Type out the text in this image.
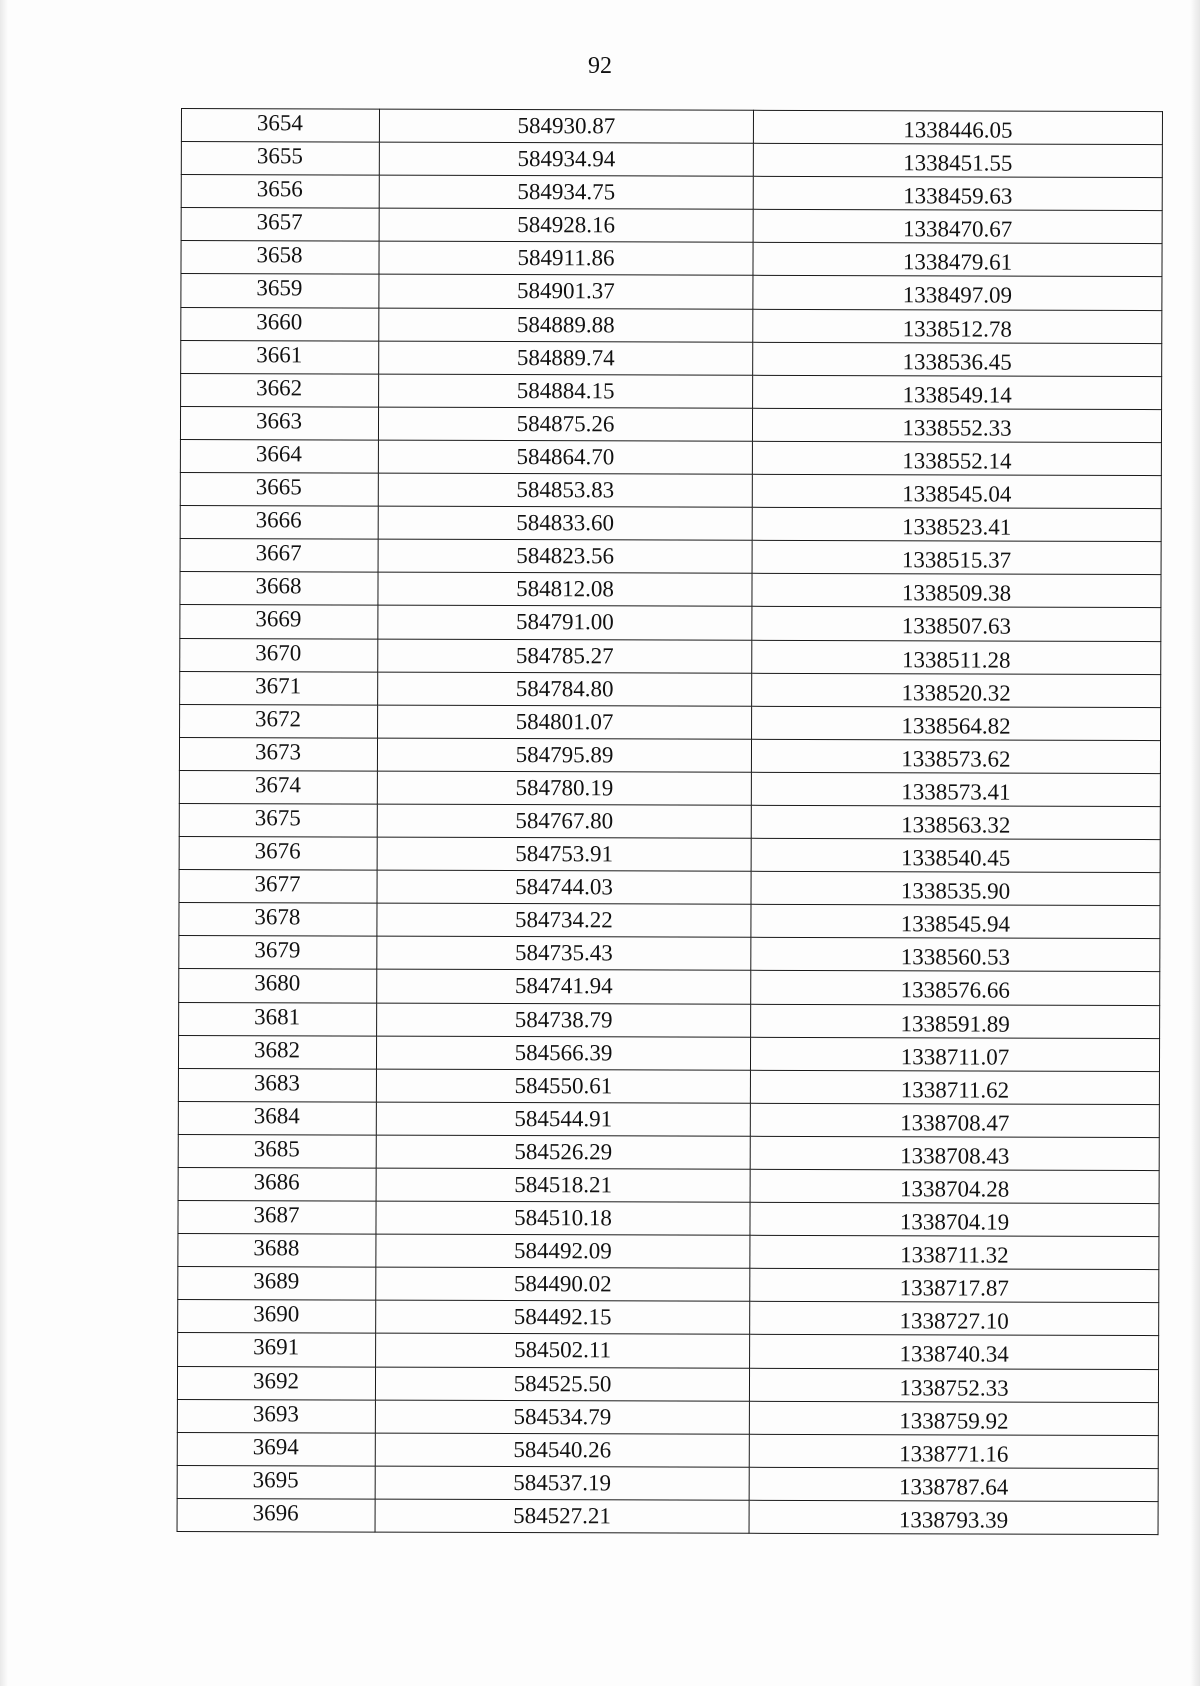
92
3654	584930.87	1338446.05
3655	584934.94	1338451.55
3656	584934.75	1338459.63
3657	584928.16	1338470.67
3658	584911.86	1338479.61
3659	584901.37	1338497.09
3660	584889.88	1338512.78
3661	584889.74	1338536.45
3662	584884.15	1338549.14
3663	584875.26	1338552.33
3664	584864.70	1338552.14
3665	584853.83	1338545.04
3666	584833.60	1338523.41
3667	584823.56	1338515.37
3668	584812.08	1338509.38
3669	584791.00	1338507.63
3670	584785.27	1338511.28
3671	584784.80	1338520.32
3672	584801.07	1338564.82
3673	584795.89	1338573.62
3674	584780.19	1338573.41
3675	584767.80	1338563.32
3676	584753.91	1338540.45
3677	584744.03	1338535.90
3678	584734.22	1338545.94
3679	584735.43	1338560.53
3680	584741.94	1338576.66
3681	584738.79	1338591.89
3682	584566.39	1338711.07
3683	584550.61	1338711.62
3684	584544.91	1338708.47
3685	584526.29	1338708.43
3686	584518.21	1338704.28
3687	584510.18	1338704.19
3688	584492.09	1338711.32
3689	584490.02	1338717.87
3690	584492.15	1338727.10
3691	584502.11	1338740.34
3692	584525.50	1338752.33
3693	584534.79	1338759.92
3694	584540.26	1338771.16
3695	584537.19	1338787.64
3696	584527.21	1338793.39
